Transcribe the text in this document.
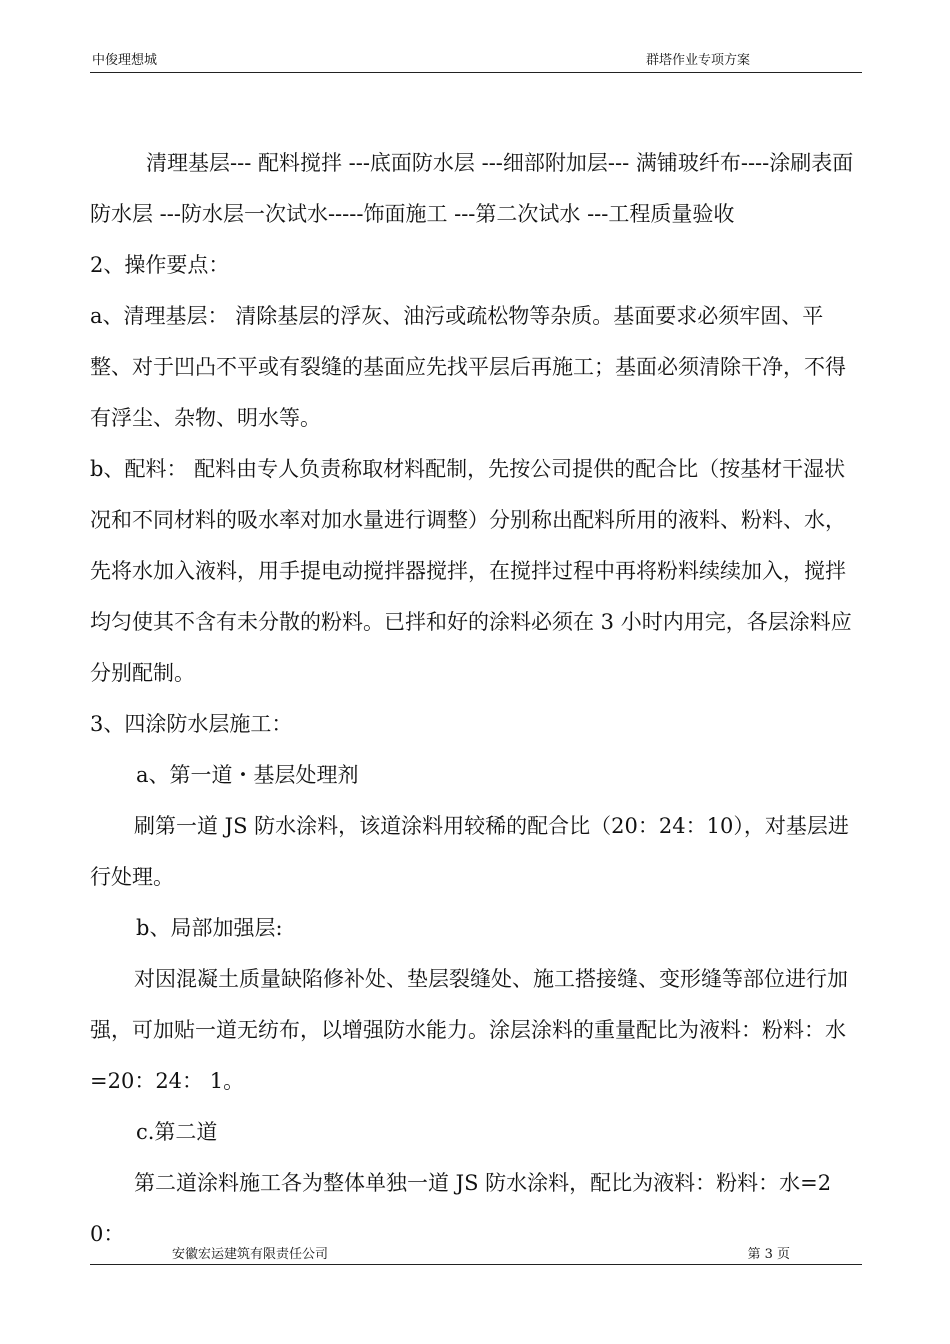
中俊理想城	群塔作业专项方案

清理基层--- 配料搅拌 ---底面防水层 ---细部附加层--- 满铺玻纤布----涂刷表面防水层 ---防水层一次试水-----饰面施工 ---第二次试水 ---工程质量验收

2、操作要点：

a、清理基层： 清除基层的浮灰、油污或疏松物等杂质。基面要求必须牢固、平整、对于凹凸不平或有裂缝的基面应先找平层后再施工；基面必须清除干净，不得有浮尘、杂物、明水等。

b、配料： 配料由专人负责称取材料配制，先按公司提供的配合比（按基材干湿状况和不同材料的吸水率对加水量进行调整）分别称出配料所用的液料、粉料、水，先将水加入液料，用手提电动搅拌器搅拌，在搅拌过程中再将粉料续续加入，搅拌均匀使其不含有未分散的粉料。已拌和好的涂料必须在 3 小时内用完，各层涂料应分别配制。

3、四涂防水层施工：

a、第一道・基层处理剂

刷第一道 JS 防水涂料，该道涂料用较稀的配合比（20：24：10），对基层进行处理。

b、局部加强层:

对因混凝土质量缺陷修补处、垫层裂缝处、施工搭接缝、变形缝等部位进行加强，可加贴一道无纺布，以增强防水能力。涂层涂料的重量配比为液料：粉料：水=20：24： 1。

c.第二道

第二道涂料施工各为整体单独一道 JS 防水涂料，配比为液料：粉料：水=20：

安徽宏运建筑有限责任公司	第 3 页
